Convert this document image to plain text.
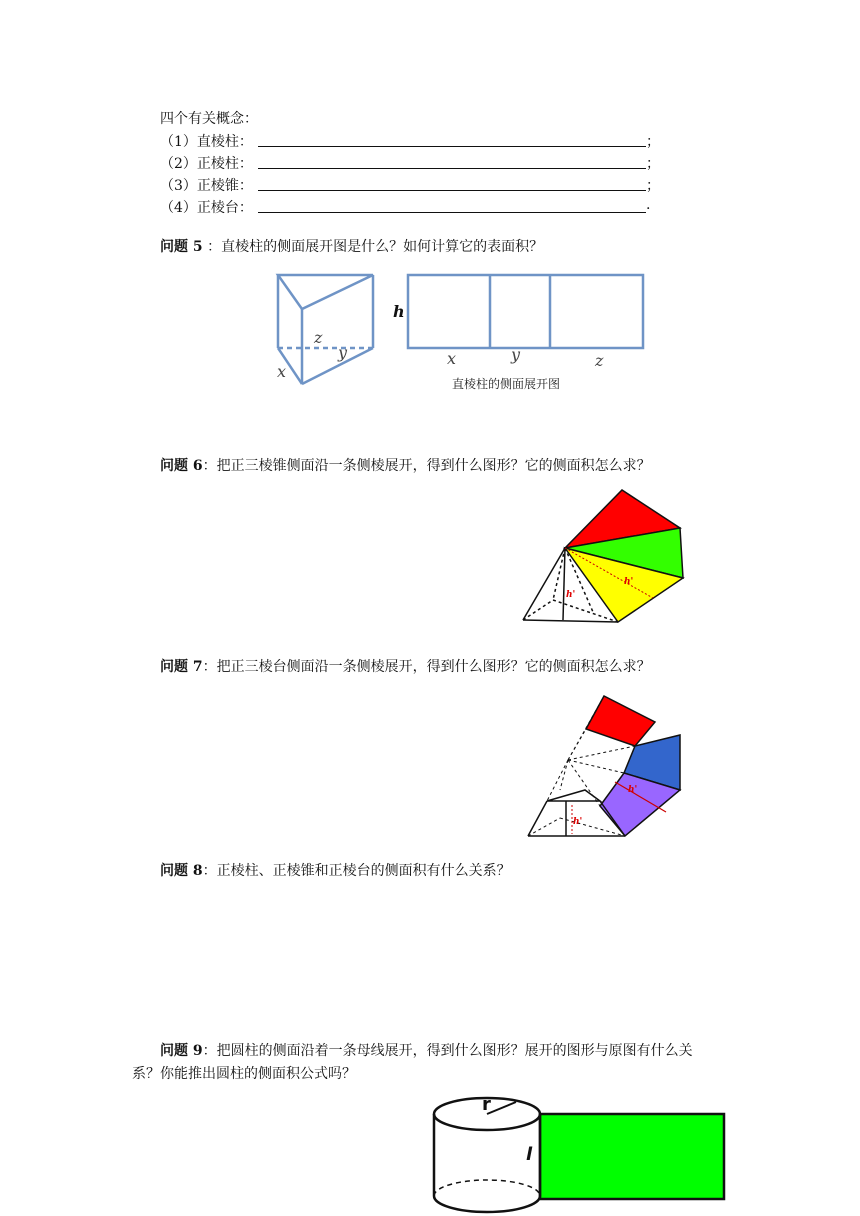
四个有关概念：
（1）直棱柱：	；
（2）正棱柱：	；
（3）正棱锥：	；
（4）正棱台：	.
问题 5 ：直棱柱的侧面展开图是什么？如何计算它的表面积？
z
y
x
h
x	y	z
直棱柱的侧面展开图
问题 6：把正三棱锥侧面沿一条侧棱展开，得到什么图形？它的侧面积怎么求？
h'
h'
问题 7：把正三棱台侧面沿一条侧棱展开，得到什么图形？它的侧面积怎么求？
h'
h'
问题 8：正棱柱、正棱锥和正棱台的侧面积有什么关系？
问题 9：把圆柱的侧面沿着一条母线展开，得到什么图形？展开的图形与原图有什么关
系？你能推出圆柱的侧面积公式吗？
r
l
